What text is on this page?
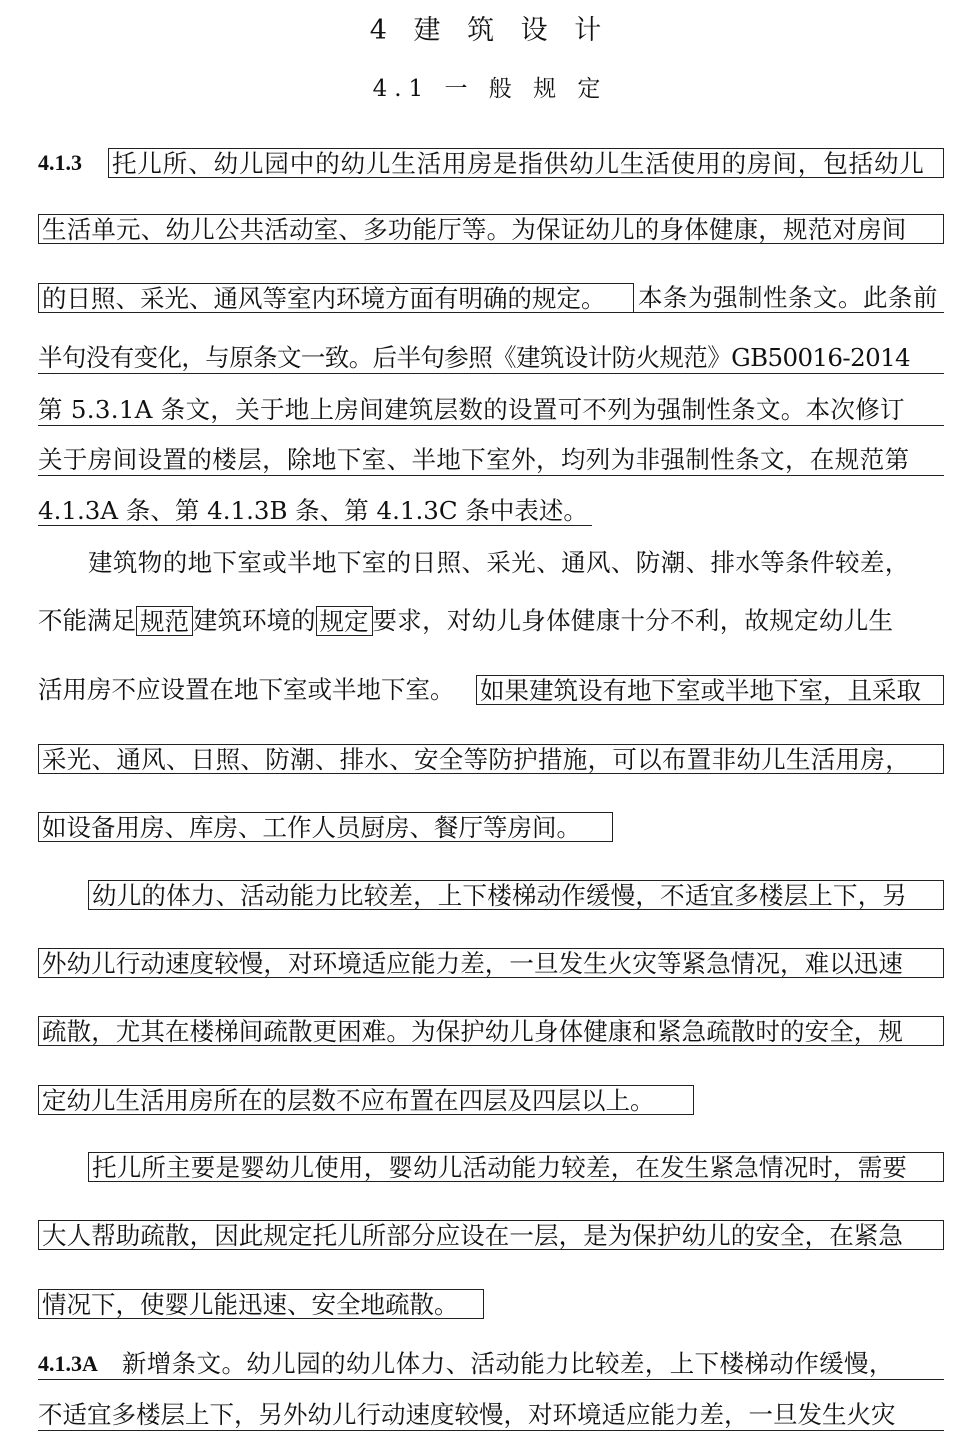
4 建 筑 设 计
4.1 一 般 规 定
4.1.3 托儿所、幼儿园中的幼儿生活用房是指供幼儿生活使用的房间，包括幼儿
生活单元、幼儿公共活动室、多功能厅等。为保证幼儿的身体健康，规范对房间
的日照、采光、通风等室内环境方面有明确的规定。	本条为强制性条文。此条前
半句没有变化，与原条文一致。后半句参照《建筑设计防火规范》GB50016-2014
第 5.3.1A 条文，关于地上房间建筑层数的设置可不列为强制性条文。本次修订
关于房间设置的楼层，除地下室、半地下室外，均列为非强制性条文，在规范第
4.1.3A 条、第 4.1.3B 条、第 4.1.3C 条中表述。
建筑物的地下室或半地下室的日照、采光、通风、防潮、排水等条件较差，
不能满足 规范 建筑环境的 规定 要求，对幼儿身体健康十分不利，故规定幼儿生
活用房不应设置在地下室或半地下室。	如果建筑设有地下室或半地下室，且采取
采光、通风、日照、防潮、排水、安全等防护措施，可以布置非幼儿生活用房，
如设备用房、库房、工作人员厨房、餐厅等房间。
幼儿的体力、活动能力比较差，上下楼梯动作缓慢，不适宜多楼层上下，另
外幼儿行动速度较慢，对环境适应能力差，一旦发生火灾等紧急情况，难以迅速
疏散，尤其在楼梯间疏散更困难。为保护幼儿身体健康和紧急疏散时的安全，规
定幼儿生活用房所在的层数不应布置在四层及四层以上。
托儿所主要是婴幼儿使用，婴幼儿活动能力较差，在发生紧急情况时，需要
大人帮助疏散，因此规定托儿所部分应设在一层，是为保护幼儿的安全，在紧急
情况下，使婴儿能迅速、安全地疏散。
4.1.3A 新增条文。幼儿园的幼儿体力、活动能力比较差，上下楼梯动作缓慢，
不适宜多楼层上下，另外幼儿行动速度较慢，对环境适应能力差，一旦发生火灾
